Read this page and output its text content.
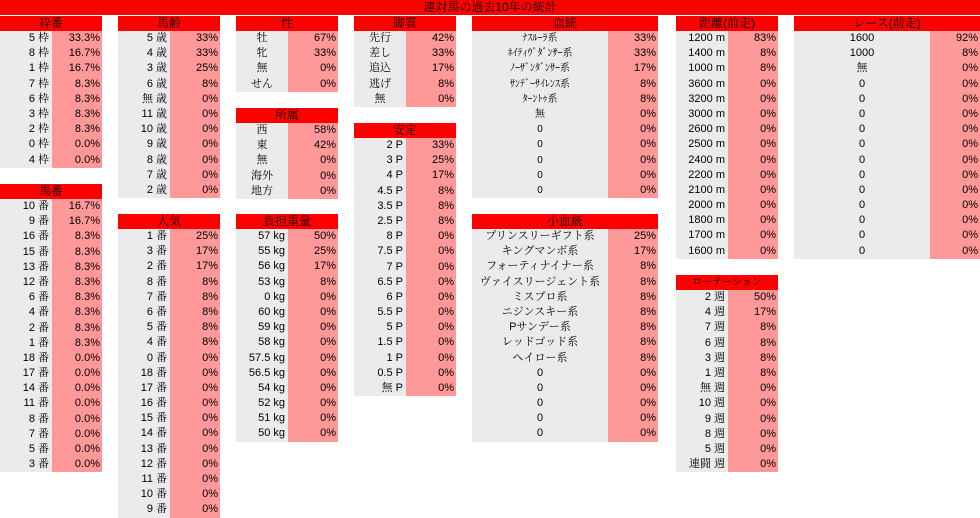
連対馬の過去10年の統計
枠番
5 枠	33.3%
8 枠	16.7%
1 枠	16.7%
7 枠	8.3%
6 枠	8.3%
3 枠	8.3%
2 枠	8.3%
0 枠	0.0%
4 枠	0.0%
馬番
10 番	16.7%
9 番	16.7%
16 番	8.3%
15 番	8.3%
13 番	8.3%
12 番	8.3%
6 番	8.3%
4 番	8.3%
2 番	8.3%
1 番	8.3%
18 番	0.0%
17 番	0.0%
14 番	0.0%
11 番	0.0%
8 番	0.0%
7 番	0.0%
5 番	0.0%
3 番	0.0%
馬齢
5 歳	33%
4 歳	33%
3 歳	25%
6 歳	8%
無 歳	0%
11 歳	0%
10 歳	0%
9 歳	0%
8 歳	0%
7 歳	0%
2 歳	0%
人気
1 番	25%
3 番	17%
2 番	17%
8 番	8%
7 番	8%
6 番	8%
5 番	8%
4 番	8%
0 番	0%
18 番	0%
17 番	0%
16 番	0%
15 番	0%
14 番	0%
13 番	0%
12 番	0%
11 番	0%
10 番	0%
9 番	0%
性
牡	67%
牝	33%
無	0%
せん	0%
所属
西	58%
東	42%
無	0%
海外	0%
地方	0%
負担重量
57 kg	50%
55 kg	25%
56 kg	17%
53 kg	8%
0 kg	0%
60 kg	0%
59 kg	0%
58 kg	0%
57.5 kg	0%
56.5 kg	0%
54 kg	0%
52 kg	0%
51 kg	0%
50 kg	0%
脚質
先行	42%
差し	33%
追込	17%
逃げ	8%
無	0%
安定
2 P	33%
3 P	25%
4 P	17%
4.5 P	8%
3.5 P	8%
2.5 P	8%
8 P	0%
7.5 P	0%
7 P	0%
6.5 P	0%
6 P	0%
5.5 P	0%
5 P	0%
1.5 P	0%
1 P	0%
0.5 P	0%
無 P	0%
血統
ﾅｽﾙｰﾗ系	33%
ﾈｲﾃｨｳﾞﾀﾞﾝｻｰ系	33%
ﾉｰｻﾞﾝﾀﾞﾝｻｰ系	17%
ｻﾝﾃﾞｰｻｲﾚﾝｽ系	8%
ﾀｰﾝﾄｩ系	8%
無	0%
0	0%
0	0%
0	0%
0	0%
0	0%
小血統
プリンスリーギフト系	25%
キングマンボ系	17%
フォーティナイナー系	8%
ヴァイスリージェント系	8%
ミスプロ系	8%
ニジンスキー系	8%
Pサンデー系	8%
レッドゴッド系	8%
ヘイロー系	8%
0	0%
0	0%
0	0%
0	0%
0	0%
距離(前走)
1200 m	83%
1400 m	8%
1000 m	8%
3600 m	0%
3200 m	0%
3000 m	0%
2600 m	0%
2500 m	0%
2400 m	0%
2200 m	0%
2100 m	0%
2000 m	0%
1800 m	0%
1700 m	0%
1600 m	0%
ローテーション
2 週	50%
4 週	17%
7 週	8%
6 週	8%
3 週	8%
1 週	8%
無 週	0%
10 週	0%
9 週	0%
8 週	0%
5 週	0%
連闘 週	0%
レース(前走)
1600	92%
1000	8%
無	0%
0	0%
0	0%
0	0%
0	0%
0	0%
0	0%
0	0%
0	0%
0	0%
0	0%
0	0%
0	0%
